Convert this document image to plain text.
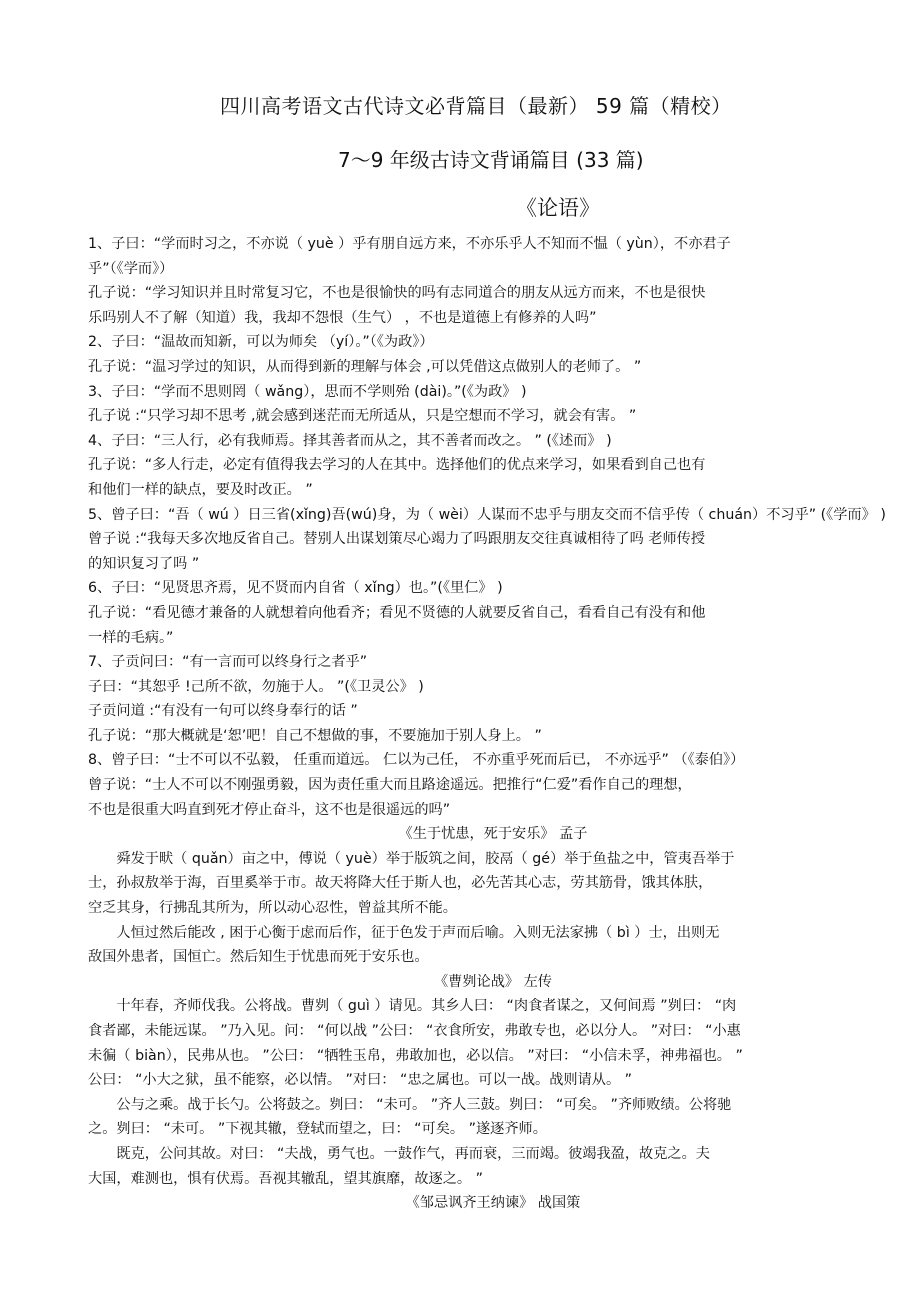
四川高考语文古代诗文必背篇目（最新） 59 篇（精校）
7～9 年级古诗文背诵篇目 (33 篇)
《论语》

1、子曰：“学而时习之，不亦说（ yuè ）乎有朋自远方来，不亦乐乎人不知而不愠（ yùn），不亦君子

乎”（《学而》）

孔子说：“学习知识并且时常复习它，不也是很愉快的吗有志同道合的朋友从远方而来，不也是很快

乐吗别人不了解（知道）我，我却不怨恨（生气） ，不也是道德上有修养的人吗”

2、子曰：“温故而知新，可以为师矣 （yí）。”（《为政》）

孔子说：“温习学过的知识，从而得到新的理解与体会 ,可以凭借这点做别人的老师了。 ”

3、子曰：“学而不思则罔（ wǎng），思而不学则殆 (dài)。”(《为政》 )

孔子说 :“只学习却不思考 ,就会感到迷茫而无所适从，只是空想而不学习，就会有害。 ”

4、子曰：“三人行，必有我师焉。择其善者而从之，其不善者而改之。 ” (《述而》 )

孔子说：“多人行走，必定有值得我去学习的人在其中。选择他们的优点来学习，如果看到自己也有

和他们一样的缺点，要及时改正。 ”

5、曾子曰：“吾（ wú ）日三省(xǐng)吾(wú)身，为（ wèi）人谋而不忠乎与朋友交而不信乎传（ chuán）不习乎” (《学而》 )

曾子说 :“我每天多次地反省自己。替别人出谋划策尽心竭力了吗跟朋友交往真诚相待了吗 老师传授

的知识复习了吗 ”

6、子曰：“见贤思齐焉，见不贤而内自省（ xǐng）也。”(《里仁》 )

孔子说：“看见德才兼备的人就想着向他看齐；看见不贤德的人就要反省自己，看看自己有没有和他

一样的毛病。”

7、子贡问曰：“有一言而可以终身行之者乎”

子曰：“其恕乎 !己所不欲，勿施于人。 ”(《卫灵公》 )

子贡问道 :“有没有一句可以终身奉行的话 ”

孔子说：“那大概就是‘恕’吧！自己不想做的事，不要施加于别人身上。 ”

8、曾子曰：“士不可以不弘毅， 任重而道远。 仁以为己任， 不亦重乎死而后已， 不亦远乎” （《泰伯》）

曾子说：“士人不可以不刚强勇毅，因为责任重大而且路途遥远。把推行“仁爱”看作自己的理想，

不也是很重大吗直到死才停止奋斗，这不也是很遥远的吗”

《生于忧患，死于安乐》 孟子

舜发于畎（ quǎn）亩之中，傅说（ yuè）举于版筑之间，胶鬲（ gé）举于鱼盐之中，管夷吾举于

士，孙叔敖举于海，百里奚举于市。故天将降大任于斯人也，必先苦其心志，劳其筋骨，饿其体肤，

空乏其身，行拂乱其所为，所以动心忍性，曾益其所不能。

人恒过然后能改 , 困于心衡于虑而后作，征于色发于声而后喻。入则无法家拂（ bì ）士，出则无

敌国外患者，国恒亡。然后知生于忧患而死于安乐也。

《曹刿论战》 左传

十年春，齐师伐我。公将战。曹刿（ guì ）请见。其乡人曰： “肉食者谋之，又何间焉 ”刿曰： “肉

食者鄙，未能远谋。 ”乃入见。问： “何以战 ”公曰： “衣食所安，弗敢专也，必以分人。 ”对曰： “小惠

未徧（ biàn），民弗从也。 ”公曰： “牺牲玉帛，弗敢加也，必以信。 ”对曰： “小信未孚，神弗福也。 ”

公曰： “小大之狱，虽不能察，必以情。 ”对曰： “忠之属也。可以一战。战则请从。 ”

公与之乘。战于长勺。公将鼓之。刿曰： “未可。 ”齐人三鼓。刿曰： “可矣。 ”齐师败绩。公将驰

之。刿曰： “未可。 ”下视其辙，登轼而望之，曰： “可矣。 ”遂逐齐师。

既克，公问其故。对曰： “夫战，勇气也。一鼓作气，再而衰，三而竭。彼竭我盈，故克之。夫

大国，难测也，惧有伏焉。吾视其辙乱，望其旗靡，故逐之。 ”

《邹忌讽齐王纳谏》 战国策
